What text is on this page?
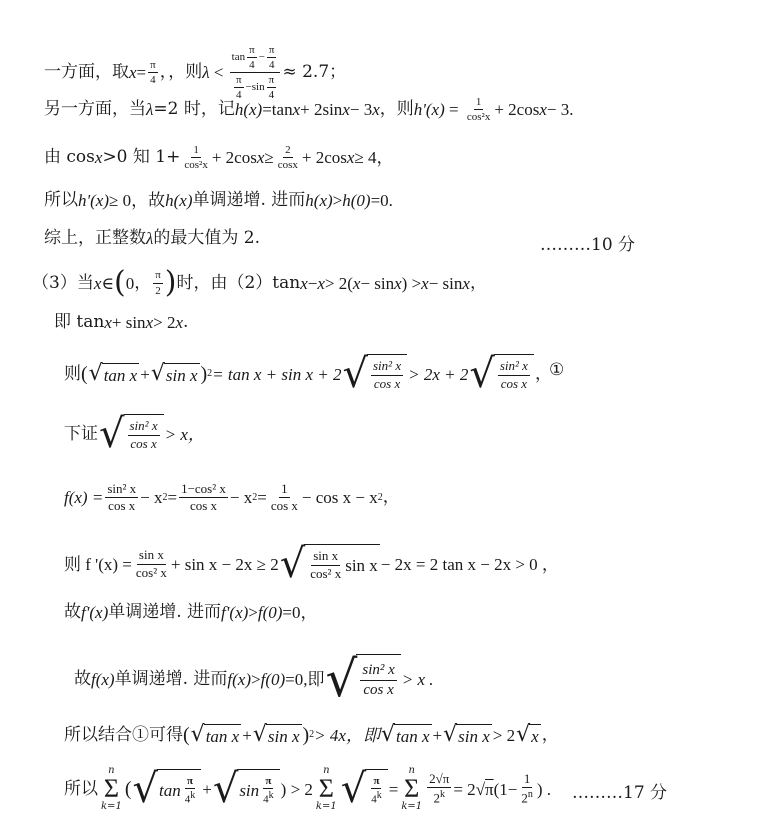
一方面，取 $x = \frac{\pi}{4}$ ，，则 $\lambda < \frac{\tan \frac{\pi}{4} - \frac{\pi}{4}}{\frac{\pi}{4} -\sin \frac{\pi}{4}} \approx 2.7$；
另一方面，当 λ =2 时，记 h(x) =tan x + 2sin x − 3 x ，则 $h'(x) = \frac{1}{\text{cos²x}} + 2\cos$ x − 3.
由 cos x >0 知 $1+ \frac{1}{\text{cos²x}} + 2\cos$ $x \ge \frac{2}{\cos x} + 2\cos$ x ≥ 4，
所以 h'(x) ≥ 0，故 h(x) 单调递增. 进而 h(x) > h(0) =0.
综上，正整数 λ 的最大值为 2.	………10 分
（3）当 x ∈ ( 0 ， $\frac{\pi}{2}$ ) 时，由（2）tan x − x > 2( x − sin x ) > x − sin x ，
即 tan x + sin x > 2 x .
则 ( √ tan x + √ sin x ) 2 = tan x + sin x + 2 √ $\frac{\text{sin² x}}{\text{cos x}} > 2x + 2$ √ $\frac{\text{sin² x}}{\text{cos x}}$ ，
①
下证 √ $\frac{\text{sin² x}}{\text{cos x}} > x$，
$f(x) = \frac{\text{sin² x}}{\text{cos x}} - x$ $2 = \frac{\text{1−cos² x}}{\text{cos x}} - x$ $2 = \frac{1}{\text{cos x}} - \cos x - x$ 2 ，
则 f '$(x) = \frac{\text{sin x}}{\text{cos² x}} + \sin x - 2x \ge 2$ √ $\frac{\text{sin x}}{\text{cos² x}}$ sin x − 2x = 2 tan x − 2x > 0 ，
故 f'(x) 单调递增. 进而 f'(x) > f(0) =0，
故 f(x) 单调递增. 进而 f(x) > f(0) =0,即 √ $\frac{\text{sin² x}}{\text{cos x}} > x$ .
所以结合①可得 ( √ tan x + √ sin x ) 2 > 4x，即 √ tan x + √ sin x > 2 √ x ，
所以
n
Σ
k=1
( √ $\tan \frac{\pi}{4k}$ + √ $\sin \frac{\pi}{4k}$ ) > 2
n
Σ
k=1 √ $\frac{\pi}{4k}$ =
n
Σ
k=1
$\frac{2√\pi}{2^k} = 2$ √ π ($1- \frac{1}{2^n}$ ) . ………17 分
